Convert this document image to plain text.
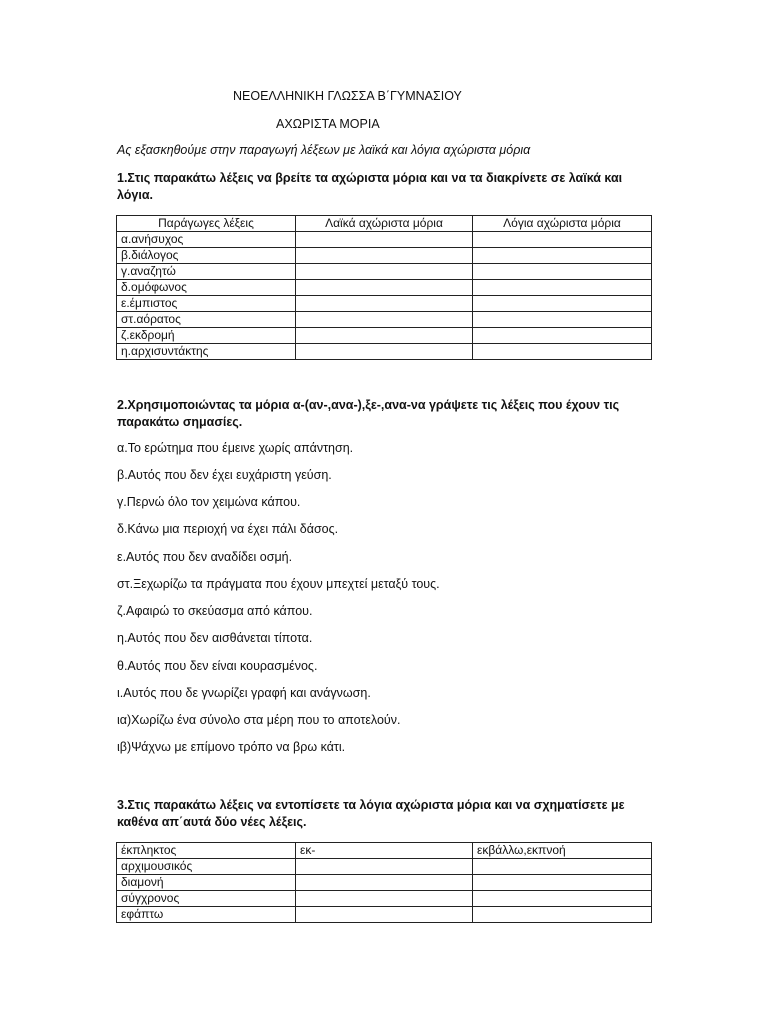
ΝΕΟΕΛΛΗΝΙΚΗ ΓΛΩΣΣΑ Β΄ΓΥΜΝΑΣΙΟΥ
ΑΧΩΡΙΣΤΑ ΜΟΡΙΑ
Ας εξασκηθούμε στην παραγωγή λέξεων με λαϊκά και λόγια αχώριστα μόρια
1.Στις παρακάτω λέξεις να βρείτε τα αχώριστα μόρια και να τα διακρίνετε σε λαϊκά και λόγια.
Παράγωγες λέξεις	Λαϊκά αχώριστα μόρια	Λόγια αχώριστα μόρια
α.ανήσυχος		
β.διάλογος		
γ.αναζητώ		
δ.ομόφωνος		
ε.έμπιστος		
στ.αόρατος		
ζ.εκδρομή		
η.αρχισυντάκτης		
2.Χρησιμοποιώντας τα μόρια α-(αν-,ανα-),ξε-,ανα-να γράψετε τις λέξεις που έχουν τις παρακάτω σημασίες.
α.Το ερώτημα που έμεινε χωρίς απάντηση.
β.Αυτός που δεν έχει ευχάριστη γεύση.
γ.Περνώ όλο τον χειμώνα κάπου.
δ.Κάνω μια περιοχή να έχει πάλι δάσος.
ε.Αυτός που δεν αναδίδει οσμή.
στ.Ξεχωρίζω τα πράγματα που έχουν μπεχτεί μεταξύ τους.
ζ.Αφαιρώ το σκεύασμα από κάπου.
η.Αυτός που δεν αισθάνεται τίποτα.
θ.Αυτός που δεν είναι κουρασμένος.
ι.Αυτός που δε γνωρίζει γραφή και ανάγνωση.
ια)Χωρίζω ένα σύνολο στα μέρη που το αποτελούν.
ιβ)Ψάχνω με επίμονο τρόπο να βρω κάτι.
3.Στις παρακάτω λέξεις να εντοπίσετε τα λόγια αχώριστα μόρια και να σχηματίσετε με καθένα απ΄αυτά δύο νέες λέξεις.
έκπληκτος	εκ-	εκβάλλω,εκπνοή
αρχιμουσικός		
διαμονή		
σύγχρονος		
εφάπτω		
